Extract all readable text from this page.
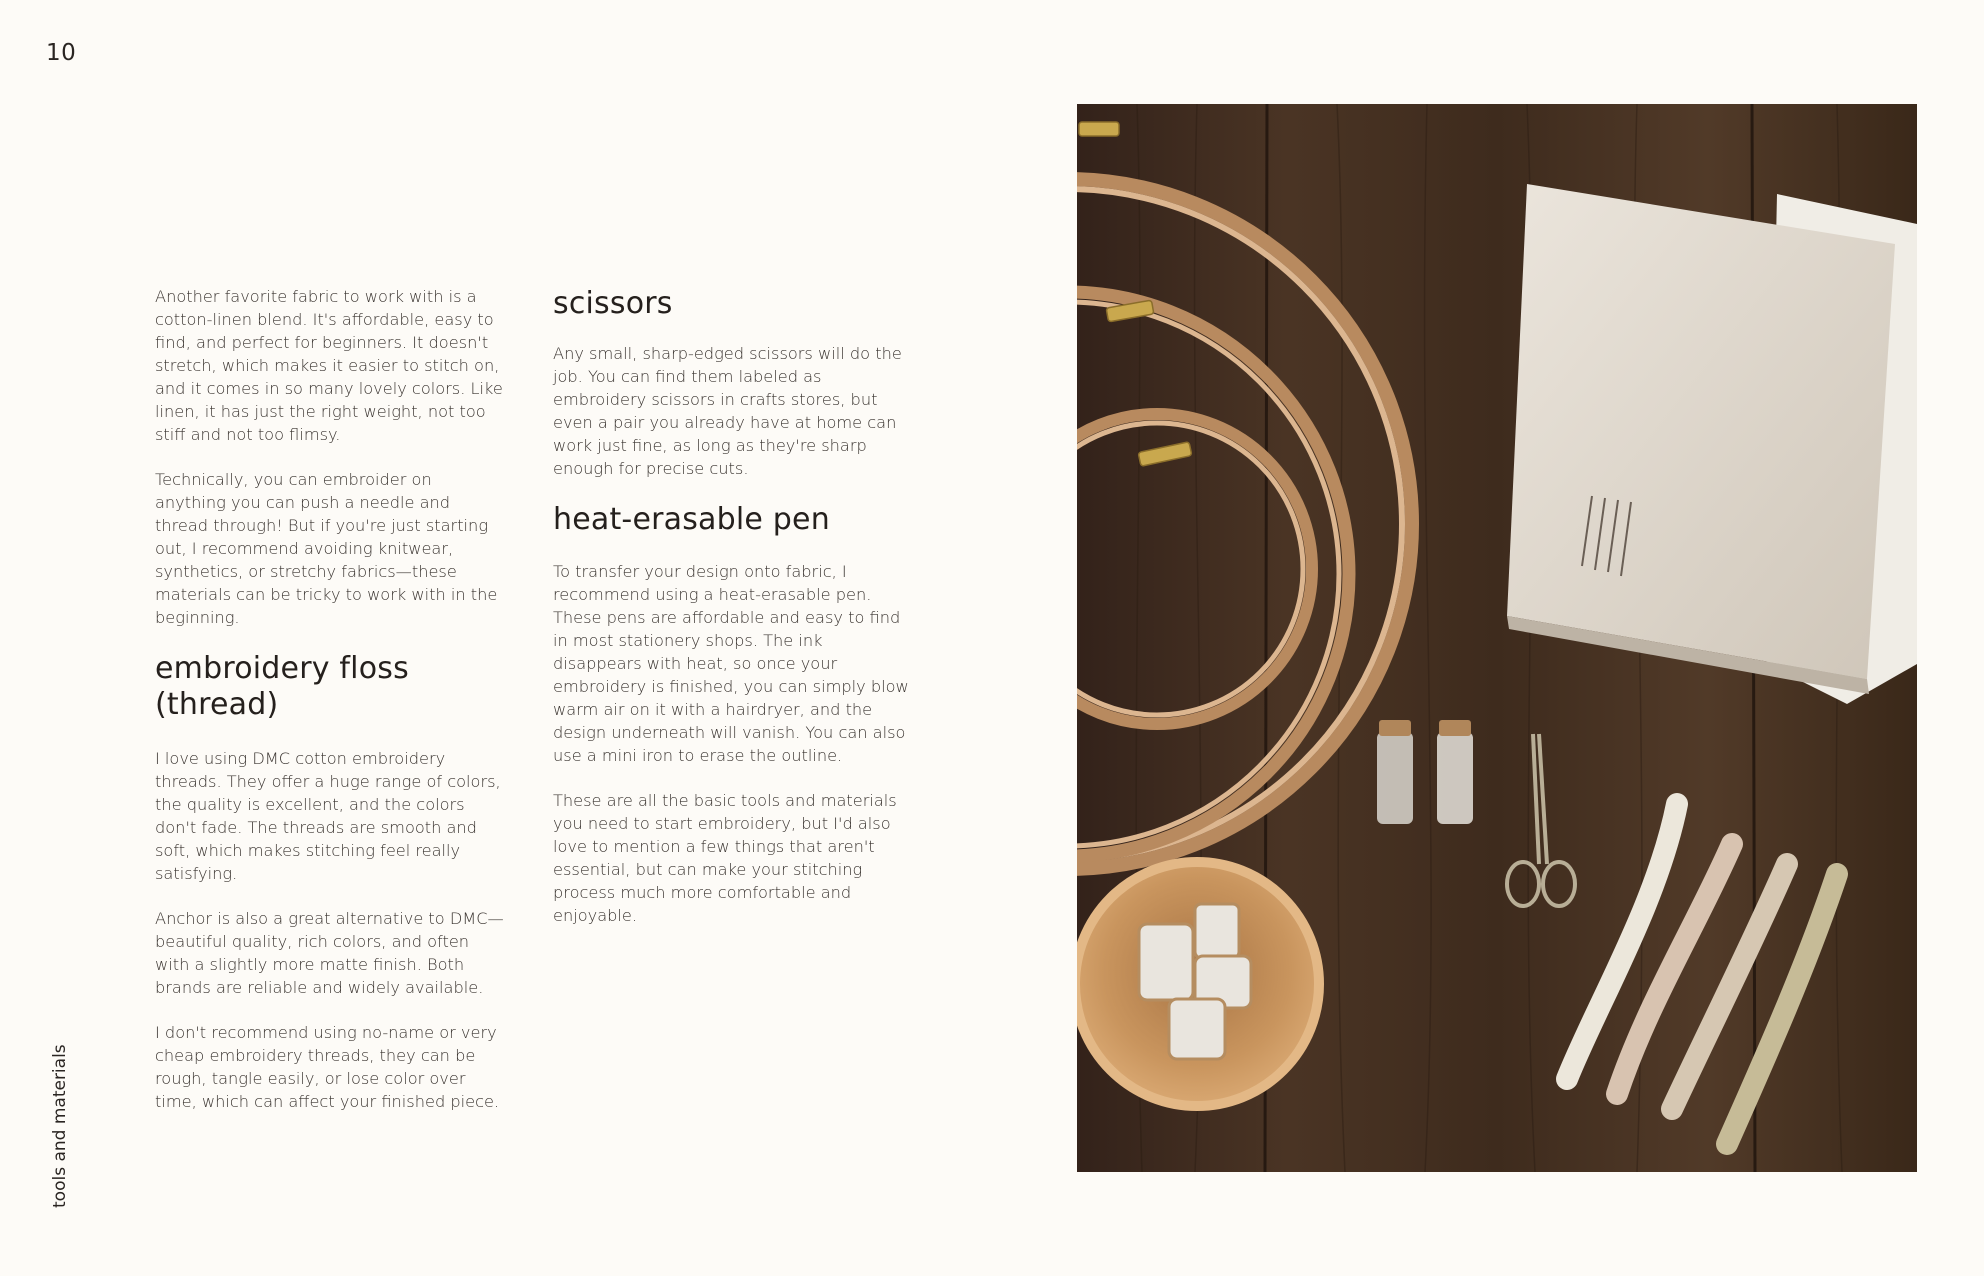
10
tools and materials

Another favorite fabric to work with is a cotton-linen blend. It's affordable, easy to find, and perfect for beginners. It doesn't stretch, which makes it easier to stitch on, and it comes in so many lovely colors. Like linen, it has just the right weight, not too stiff and not too flimsy.

Technically, you can embroider on anything you can push a needle and thread through! But if you're just starting out, I recommend avoiding knitwear, synthetics, or stretchy fabrics—these materials can be tricky to work with in the beginning.

embroidery floss (thread)

I love using DMC cotton embroidery threads. They offer a huge range of colors, the quality is excellent, and the colors don't fade. The threads are smooth and soft, which makes stitching feel really satisfying.

Anchor is also a great alternative to DMC—beautiful quality, rich colors, and often with a slightly more matte finish. Both brands are reliable and widely available.

I don't recommend using no-name or very cheap embroidery threads, they can be rough, tangle easily, or lose color over time, which can affect your finished piece.

scissors

Any small, sharp-edged scissors will do the job. You can find them labeled as embroidery scissors in crafts stores, but even a pair you already have at home can work just fine, as long as they're sharp enough for precise cuts.

heat-erasable pen

To transfer your design onto fabric, I recommend using a heat-erasable pen. These pens are affordable and easy to find in most stationery shops. The ink disappears with heat, so once your embroidery is finished, you can simply blow warm air on it with a hairdryer, and the design underneath will vanish. You can also use a mini iron to erase the outline.

These are all the basic tools and materials you need to start embroidery, but I'd also love to mention a few things that aren't essential, but can make your stitching process much more comfortable and enjoyable.
